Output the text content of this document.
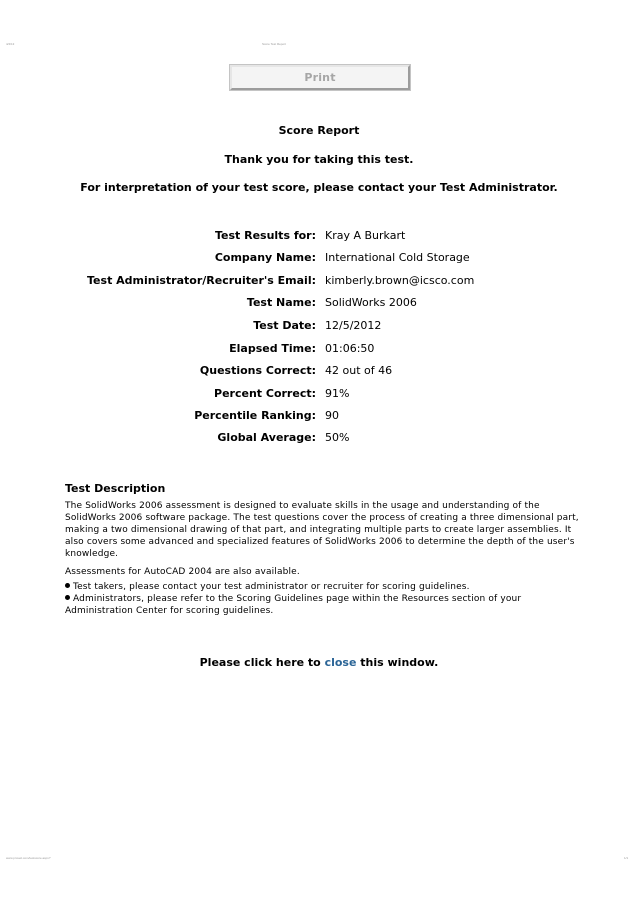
4/4/13	Score Test Report
Print
Score Report
Thank you for taking this test.
For interpretation of your test score, please contact your Test Administrator.
Test Results for: Kray A Burkart
Company Name: International Cold Storage
Test Administrator/Recruiter's Email: kimberly.brown@icsco.com
Test Name: SolidWorks 2006
Test Date: 12/5/2012
Elapsed Time: 01:06:50
Questions Correct: 42 out of 46
Percent Correct: 91%
Percentile Ranking: 90
Global Average: 50%
Test Description
The SolidWorks 2006 assessment is designed to evaluate skills in the usage and understanding of the SolidWorks 2006 software package. The test questions cover the process of creating a three dimensional part, making a two dimensional drawing of that part, and integrating multiple parts to create larger assemblies. It also covers some advanced and specialized features of SolidWorks 2006 to determine the depth of the user's knowledge.
Assessments for AutoCAD 2004 are also available.
Test takers, please contact your test administrator or recruiter for scoring guidelines.
Administrators, please refer to the Scoring Guidelines page within the Resources section of your Administration Center for scoring guidelines.
Please click here to close this window.
www.proveit.com/testscore.aspx?	1/1
